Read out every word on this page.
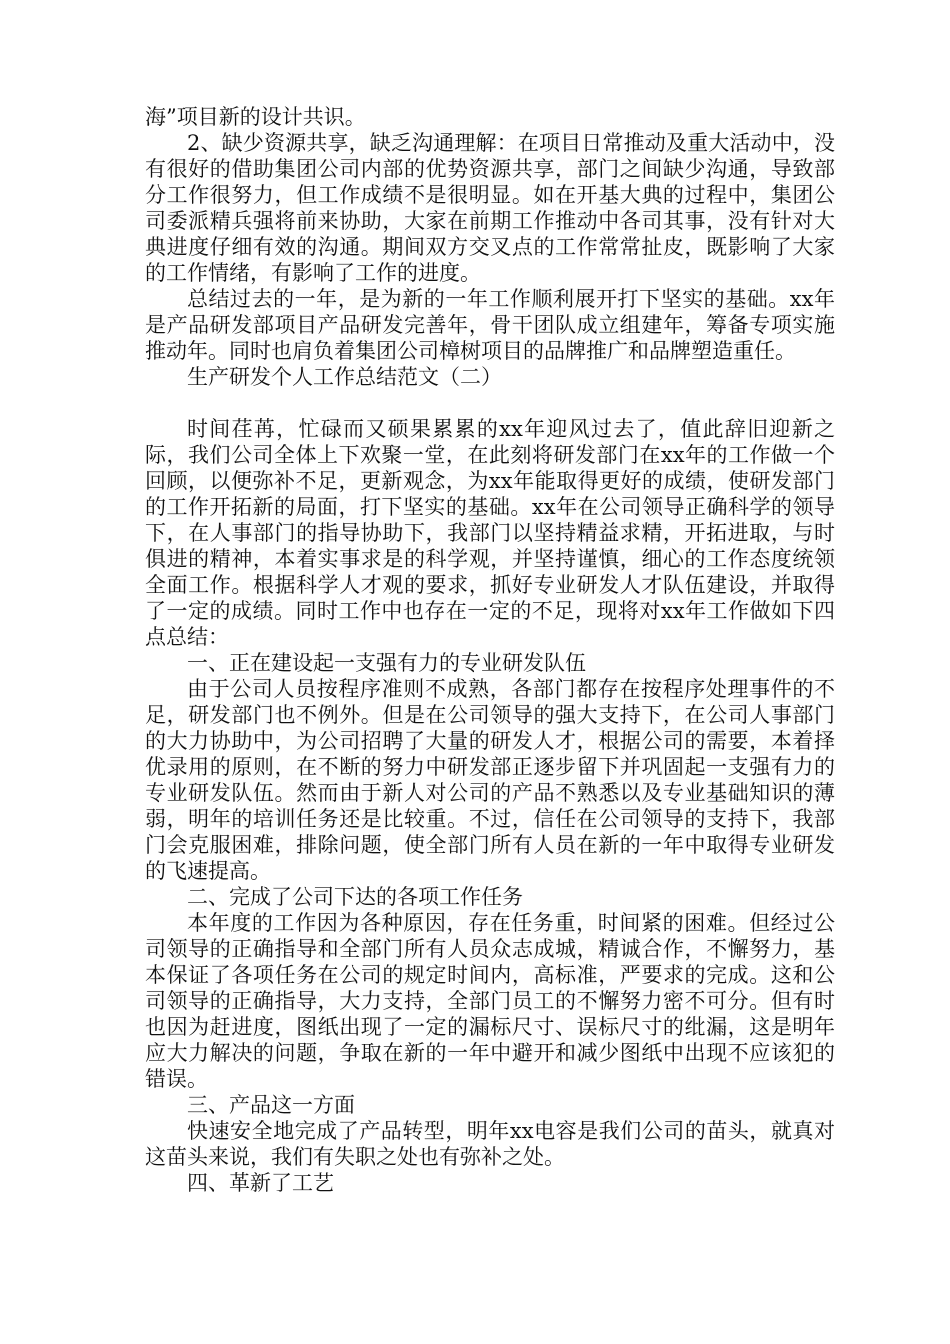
海”项目新的设计共识。

2、缺少资源共享，缺乏沟通理解：在项目日常推动及重大活动中，没有很好的借助集团公司内部的优势资源共享，部门之间缺少沟通，导致部分工作很努力，但工作成绩不是很明显。如在开基大典的过程中，集团公司委派精兵强将前来协助，大家在前期工作推动中各司其事，没有针对大典进度仔细有效的沟通。期间双方交叉点的工作常常扯皮，既影响了大家的工作情绪，有影响了工作的进度。

总结过去的一年，是为新的一年工作顺利展开打下坚实的基础。xx年是产品研发部项目产品研发完善年，骨干团队成立组建年，筹备专项实施推动年。同时也肩负着集团公司樟树项目的品牌推广和品牌塑造重任。

生产研发个人工作总结范文（二）

时间荏苒，忙碌而又硕果累累的xx年迎风过去了，值此辞旧迎新之际，我们公司全体上下欢聚一堂，在此刻将研发部门在xx年的工作做一个回顾，以便弥补不足，更新观念，为xx年能取得更好的成绩，使研发部门的工作开拓新的局面，打下坚实的基础。xx年在公司领导正确科学的领导下，在人事部门的指导协助下，我部门以坚持精益求精，开拓进取，与时俱进的精神，本着实事求是的科学观，并坚持谨慎，细心的工作态度统领全面工作。根据科学人才观的要求，抓好专业研发人才队伍建设，并取得了一定的成绩。同时工作中也存在一定的不足，现将对xx年工作做如下四点总结：

一、正在建设起一支强有力的专业研发队伍

由于公司人员按程序准则不成熟，各部门都存在按程序处理事件的不足，研发部门也不例外。但是在公司领导的强大支持下，在公司人事部门的大力协助中，为公司招聘了大量的研发人才，根据公司的需要，本着择优录用的原则，在不断的努力中研发部正逐步留下并巩固起一支强有力的专业研发队伍。然而由于新人对公司的产品不熟悉以及专业基础知识的薄弱，明年的培训任务还是比较重。不过，信任在公司领导的支持下，我部门会克服困难，排除问题，使全部门所有人员在新的一年中取得专业研发的飞速提高。

二、完成了公司下达的各项工作任务

本年度的工作因为各种原因，存在任务重，时间紧的困难。但经过公司领导的正确指导和全部门所有人员众志成城，精诚合作，不懈努力，基本保证了各项任务在公司的规定时间内，高标准，严要求的完成。这和公司领导的正确指导，大力支持，全部门员工的不懈努力密不可分。但有时也因为赶进度，图纸出现了一定的漏标尺寸、误标尺寸的纰漏，这是明年应大力解决的问题，争取在新的一年中避开和减少图纸中出现不应该犯的错误。

三、产品这一方面

快速安全地完成了产品转型，明年xx电容是我们公司的苗头，就真对这苗头来说，我们有失职之处也有弥补之处。

四、革新了工艺
